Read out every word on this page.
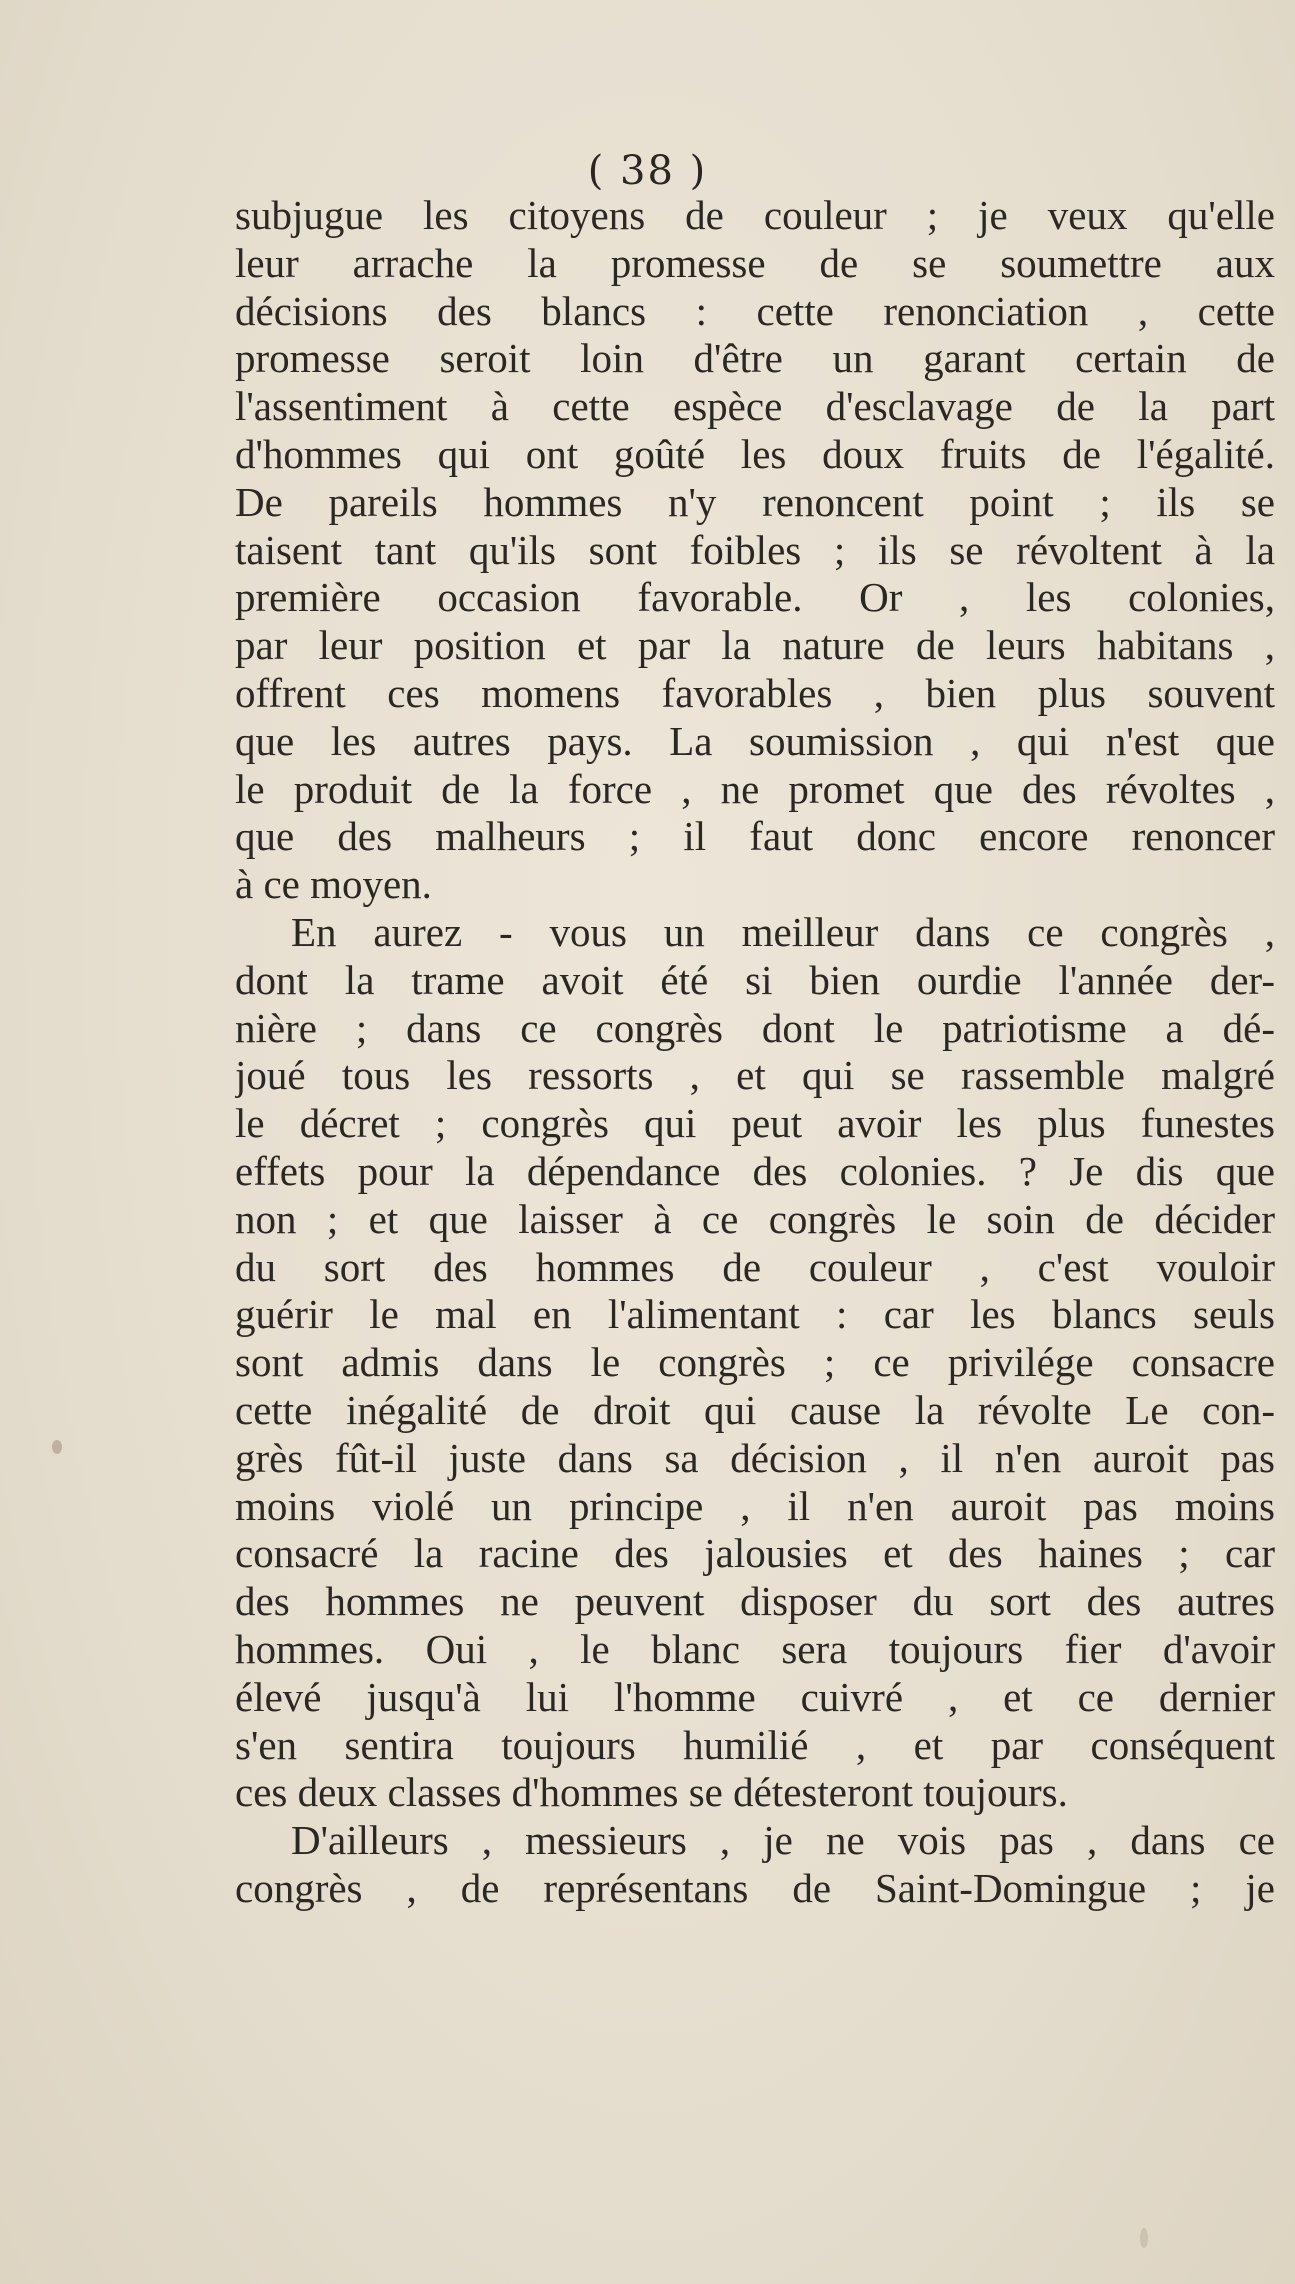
( 38 )
subjugue les citoyens de couleur ; je veux qu'elle
leur arrache la promesse de se soumettre aux
décisions des blancs : cette renonciation , cette
promesse seroit loin d'être un garant certain de
l'assentiment à cette espèce d'esclavage de la part
d'hommes qui ont goûté les doux fruits de l'égalité.
De pareils hommes n'y renoncent point ; ils se
taisent tant qu'ils sont foibles ; ils se révoltent à la
première occasion favorable. Or , les colonies,
par leur position et par la nature de leurs habitans ,
offrent ces momens favorables , bien plus souvent
que les autres pays. La soumission , qui n'est que
le produit de la force , ne promet que des révoltes ,
que des malheurs ; il faut donc encore renoncer
à ce moyen.
En aurez - vous un meilleur dans ce congrès ,
dont la trame avoit été si bien ourdie l'année der-
nière ; dans ce congrès dont le patriotisme a dé-
joué tous les ressorts , et qui se rassemble malgré
le décret ; congrès qui peut avoir les plus funestes
effets pour la dépendance des colonies. ? Je dis que
non ; et que laisser à ce congrès le soin de décider
du sort des hommes de couleur , c'est vouloir
guérir le mal en l'alimentant : car les blancs seuls
sont admis dans le congrès ; ce privilége consacre
cette inégalité de droit qui cause la révolte Le con-
grès fût-il juste dans sa décision , il n'en auroit pas
moins violé un principe , il n'en auroit pas moins
consacré la racine des jalousies et des haines ; car
des hommes ne peuvent disposer du sort des autres
hommes. Oui , le blanc sera toujours fier d'avoir
élevé jusqu'à lui l'homme cuivré , et ce dernier
s'en sentira toujours humilié , et par conséquent
ces deux classes d'hommes se détesteront toujours.
D'ailleurs , messieurs , je ne vois pas , dans ce
congrès , de représentans de Saint-Domingue ; je
